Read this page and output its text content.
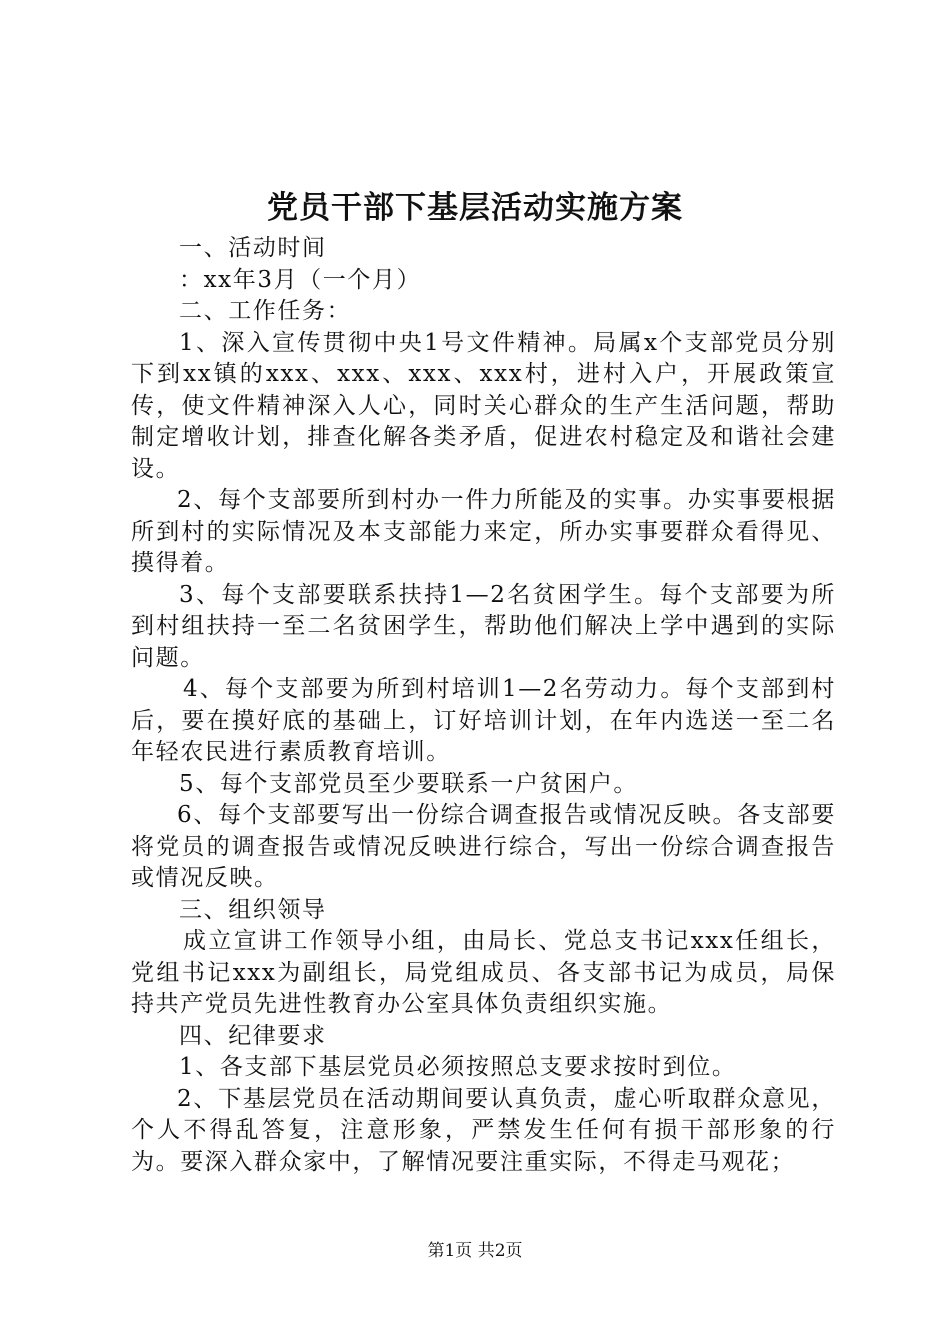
党员干部下基层活动实施方案

一、活动时间

：xx年3月（一个月）

二、工作任务：

1、深入宣传贯彻中央1号文件精神。局属x个支部党员分别下到xx镇的xxx、xxx、xxx、xxx村，进村入户，开展政策宣传，使文件精神深入人心，同时关心群众的生产生活问题，帮助制定增收计划，排查化解各类矛盾，促进农村稳定及和谐社会建设。

2、每个支部要所到村办一件力所能及的实事。办实事要根据所到村的实际情况及本支部能力来定，所办实事要群众看得见、摸得着。

3、每个支部要联系扶持1—2名贫困学生。每个支部要为所到村组扶持一至二名贫困学生，帮助他们解决上学中遇到的实际问题。

4、每个支部要为所到村培训1—2名劳动力。每个支部到村后，要在摸好底的基础上，订好培训计划，在年内选送一至二名年轻农民进行素质教育培训。

5、每个支部党员至少要联系一户贫困户。

6、每个支部要写出一份综合调查报告或情况反映。各支部要将党员的调查报告或情况反映进行综合，写出一份综合调查报告或情况反映。

三、组织领导

成立宣讲工作领导小组，由局长、党总支书记xxx任组长，党组书记xxx为副组长，局党组成员、各支部书记为成员，局保持共产党员先进性教育办公室具体负责组织实施。

四、纪律要求

1、各支部下基层党员必须按照总支要求按时到位。

2、下基层党员在活动期间要认真负责，虚心听取群众意见，个人不得乱答复，注意形象，严禁发生任何有损干部形象的行为。要深入群众家中，了解情况要注重实际，不得走马观花；

第1页 共2页
